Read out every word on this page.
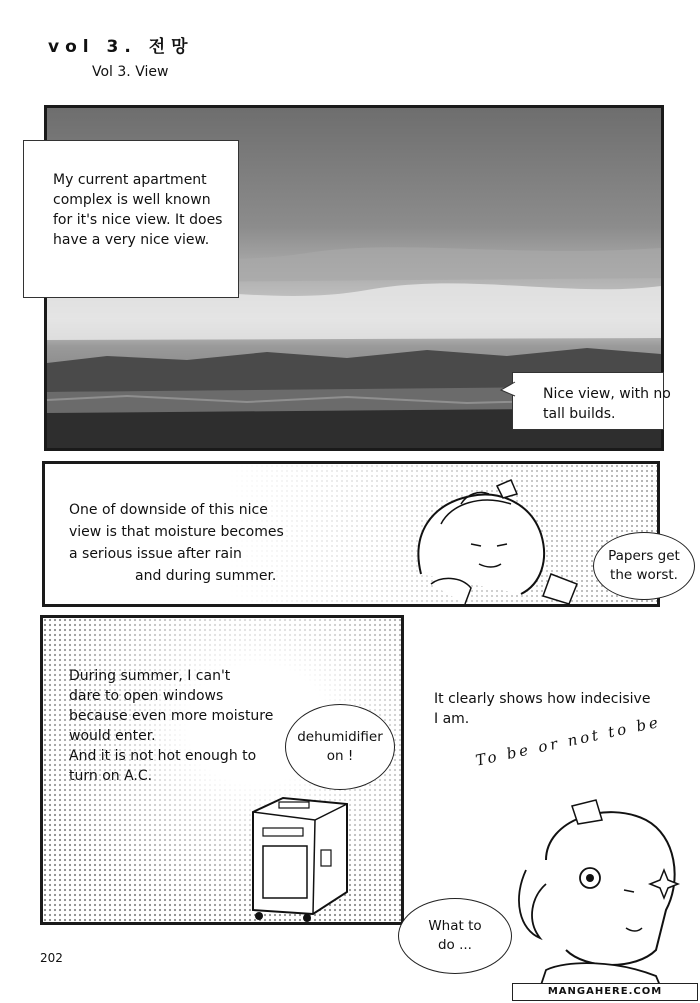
vol 3. 전망
Vol 3. View
My current apartment
complex is well known
for it's nice view. It does
have a very nice view.
Nice view, with no
tall builds.
One of downside of this nice
view is that moisture becomes
a serious issue after rain
and during summer.
Papers get
the worst.
During summer, I can't
dare to open windows
because even more moisture
would enter.
And it is not hot enough to
turn on A.C.
dehumidifier
on !
It clearly shows how indecisive
I am. To be or not to be
What to
do ...
202
MANGAHERE.COM
